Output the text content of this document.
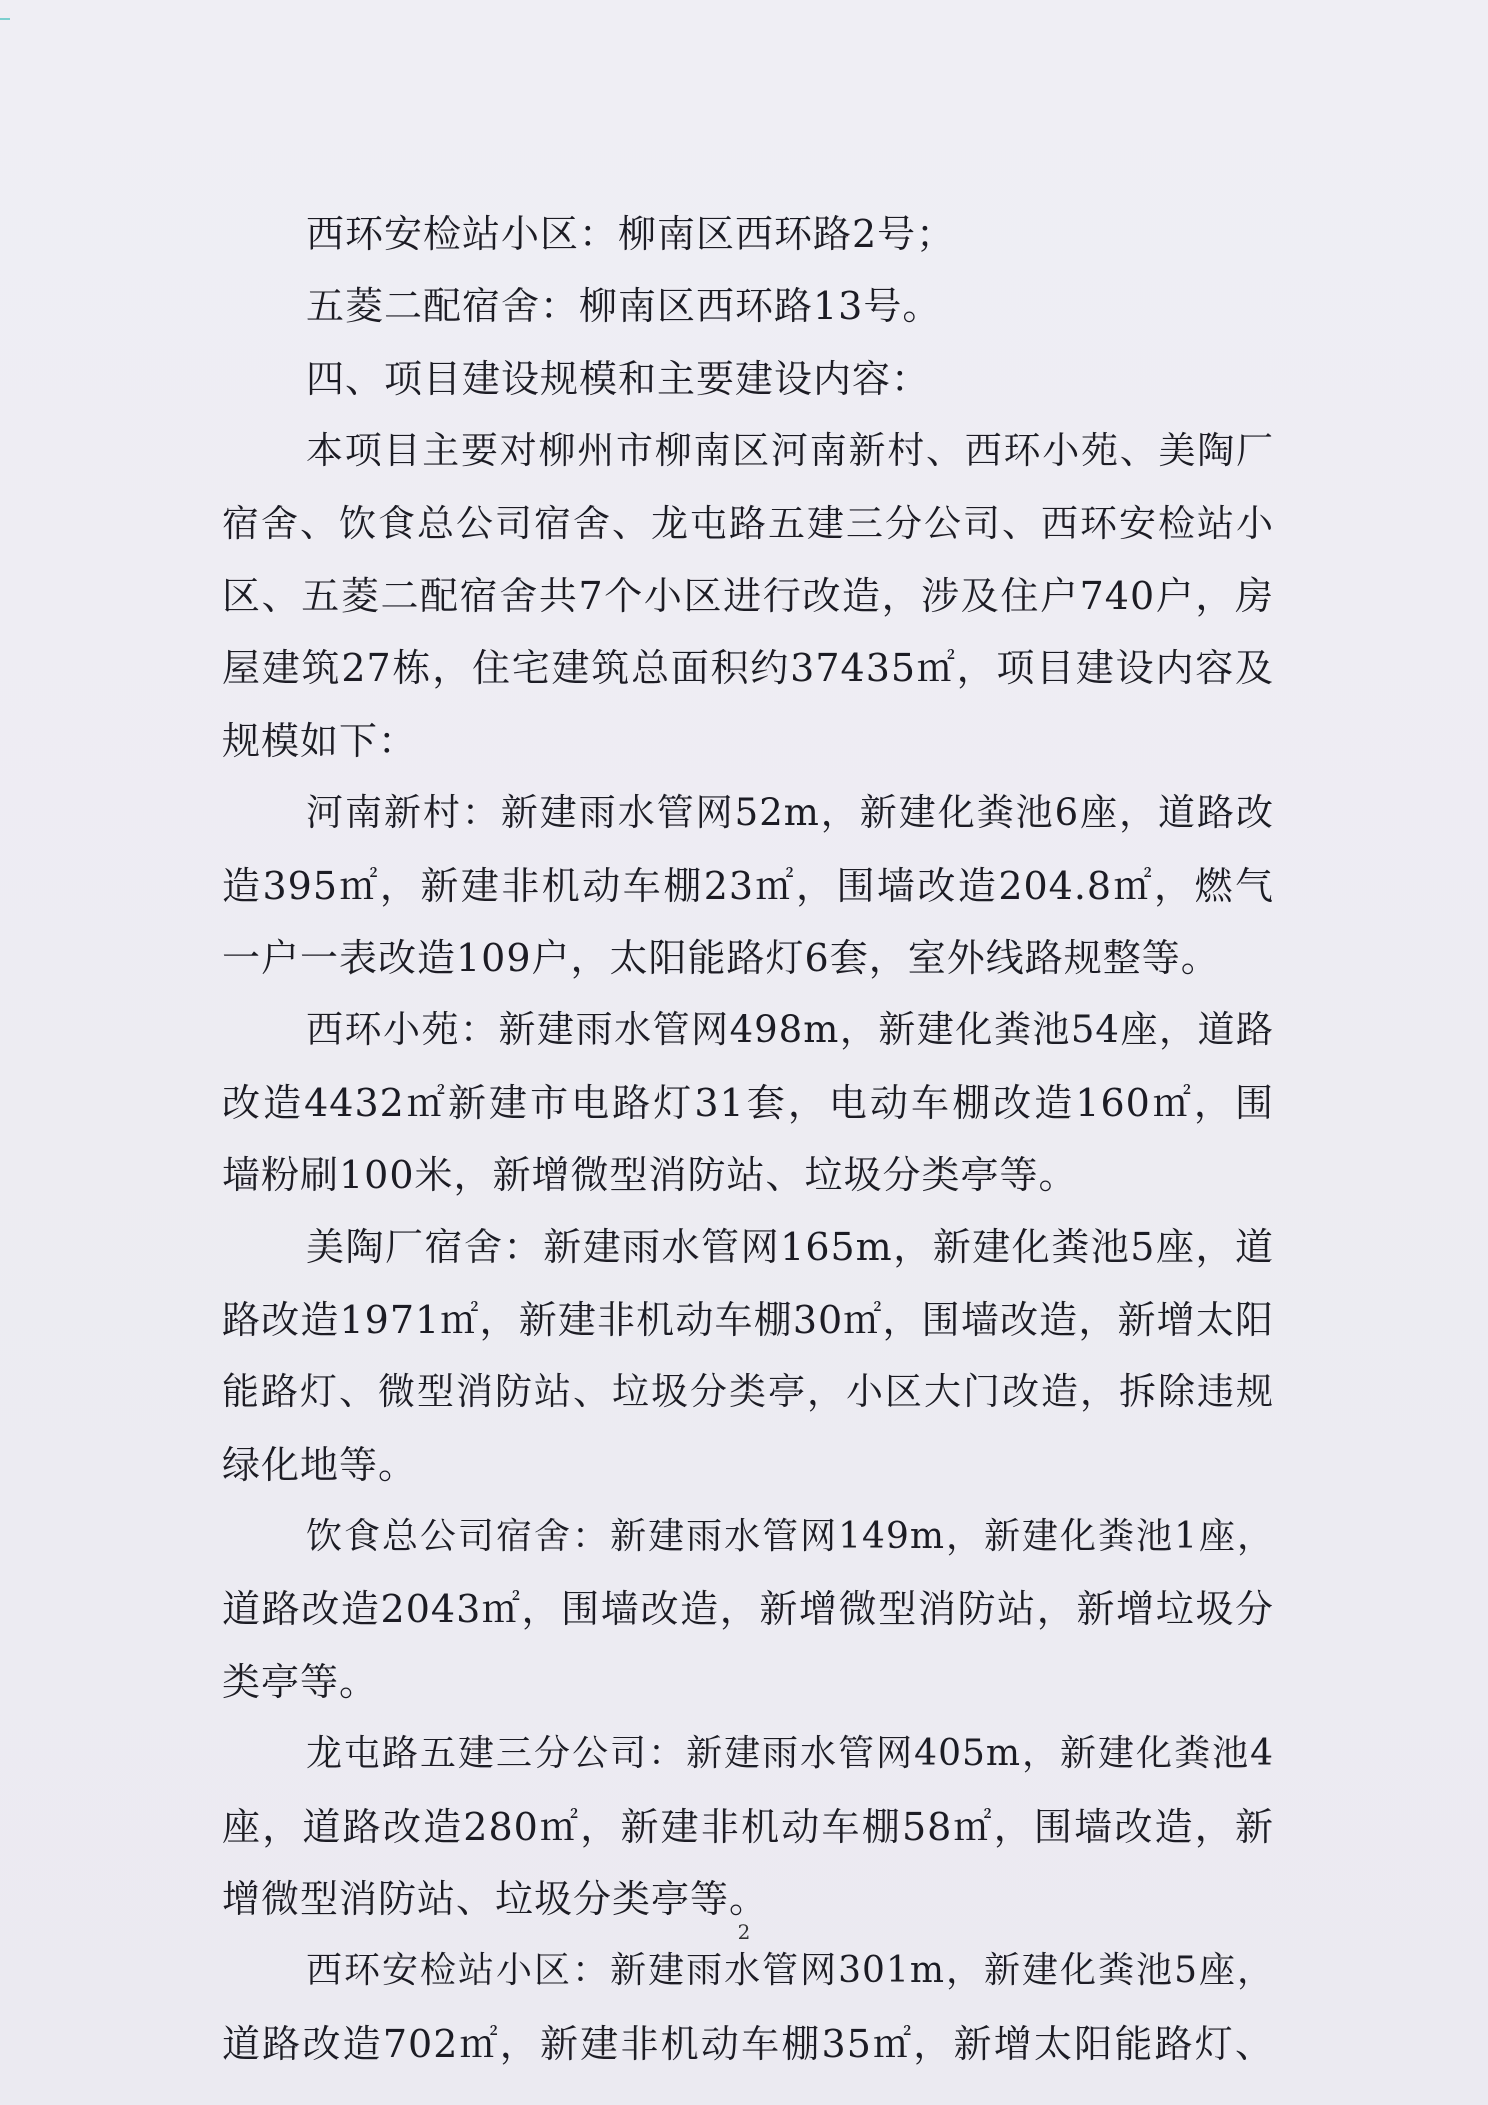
西环安检站小区：柳南区西环路2号；
五菱二配宿舍：柳南区西环路13号。
四、项目建设规模和主要建设内容：
本项目主要对柳州市柳南区河南新村、西环小苑、美陶厂
宿舍、饮食总公司宿舍、龙屯路五建三分公司、西环安检站小
区、五菱二配宿舍共7个小区进行改造，涉及住户740户，房
屋建筑27栋，住宅建筑总面积约37435㎡，项目建设内容及
规模如下：
河南新村：新建雨水管网52m，新建化粪池6座，道路改
造395㎡，新建非机动车棚23㎡，围墙改造204.8㎡，燃气
一户一表改造109户，太阳能路灯6套，室外线路规整等。
西环小苑：新建雨水管网498m，新建化粪池54座，道路
改造4432㎡新建市电路灯31套，电动车棚改造160㎡，围
墙粉刷100米，新增微型消防站、垃圾分类亭等。
美陶厂宿舍：新建雨水管网165m，新建化粪池5座，道
路改造1971㎡，新建非机动车棚30㎡，围墙改造，新增太阳
能路灯、微型消防站、垃圾分类亭，小区大门改造，拆除违规
绿化地等。
饮食总公司宿舍：新建雨水管网149m，新建化粪池1座，
道路改造2043㎡，围墙改造，新增微型消防站，新增垃圾分
类亭等。
龙屯路五建三分公司：新建雨水管网405m，新建化粪池4
座，道路改造280㎡，新建非机动车棚58㎡，围墙改造，新
增微型消防站、垃圾分类亭等。
西环安检站小区：新建雨水管网301m，新建化粪池5座，
道路改造702㎡，新建非机动车棚35㎡，新增太阳能路灯、
2
